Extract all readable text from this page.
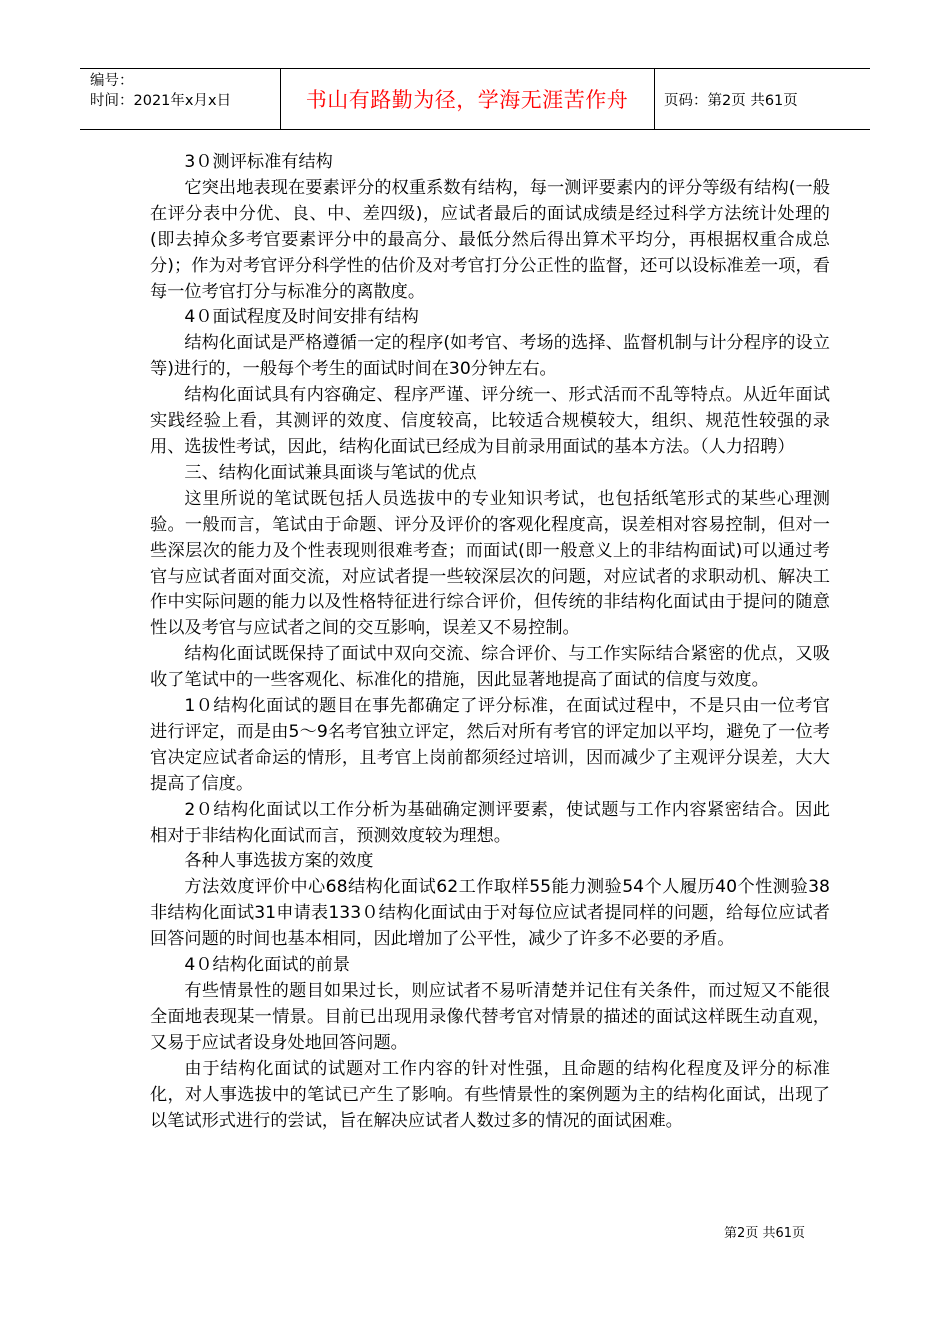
编号：
时间：2021年x月x日	书山有路勤为径，学海无涯苦作舟	页码：第2页 共61页

3０测评标准有结构

它突出地表现在要素评分的权重系数有结构，每一测评要素内的评分等级有结构(一般在评分表中分优、良、中、差四级)，应试者最后的面试成绩是经过科学方法统计处理的(即去掉众多考官要素评分中的最高分、最低分然后得出算术平均分，再根据权重合成总分)；作为对考官评分科学性的估价及对考官打分公正性的监督，还可以设标准差一项，看每一位考官打分与标准分的离散度。

4０面试程度及时间安排有结构

结构化面试是严格遵循一定的程序(如考官、考场的选择、监督机制与计分程序的设立等)进行的，一般每个考生的面试时间在30分钟左右。

结构化面试具有内容确定、程序严谨、评分统一、形式活而不乱等特点。从近年面试实践经验上看，其测评的效度、信度较高，比较适合规模较大，组织、规范性较强的录用、选拔性考试，因此，结构化面试已经成为目前录用面试的基本方法。（人力招聘）

三、结构化面试兼具面谈与笔试的优点

这里所说的笔试既包括人员选拔中的专业知识考试，也包括纸笔形式的某些心理测验。一般而言，笔试由于命题、评分及评价的客观化程度高，误差相对容易控制，但对一些深层次的能力及个性表现则很难考查；而面试(即一般意义上的非结构面试)可以通过考官与应试者面对面交流，对应试者提一些较深层次的问题，对应试者的求职动机、解决工作中实际问题的能力以及性格特征进行综合评价，但传统的非结构化面试由于提问的随意性以及考官与应试者之间的交互影响，误差又不易控制。

结构化面试既保持了面试中双向交流、综合评价、与工作实际结合紧密的优点，又吸收了笔试中的一些客观化、标准化的措施，因此显著地提高了面试的信度与效度。

1０结构化面试的题目在事先都确定了评分标准，在面试过程中，不是只由一位考官进行评定，而是由5～9名考官独立评定，然后对所有考官的评定加以平均，避免了一位考官决定应试者命运的情形，且考官上岗前都须经过培训，因而减少了主观评分误差，大大提高了信度。

2０结构化面试以工作分析为基础确定测评要素，使试题与工作内容紧密结合。因此相对于非结构化面试而言，预测效度较为理想。

各种人事选拔方案的效度

方法效度评价中心68结构化面试62工作取样55能力测验54个人履历40个性测验38非结构化面试31申请表133０结构化面试由于对每位应试者提同样的问题，给每位应试者回答问题的时间也基本相同，因此增加了公平性，减少了许多不必要的矛盾。

4０结构化面试的前景

有些情景性的题目如果过长，则应试者不易听清楚并记住有关条件，而过短又不能很全面地表现某一情景。目前已出现用录像代替考官对情景的描述的面试这样既生动直观，又易于应试者设身处地回答问题。

由于结构化面试的试题对工作内容的针对性强，且命题的结构化程度及评分的标准化，对人事选拔中的笔试已产生了影响。有些情景性的案例题为主的结构化面试，出现了以笔试形式进行的尝试，旨在解决应试者人数过多的情况的面试困难。

第2页 共61页
